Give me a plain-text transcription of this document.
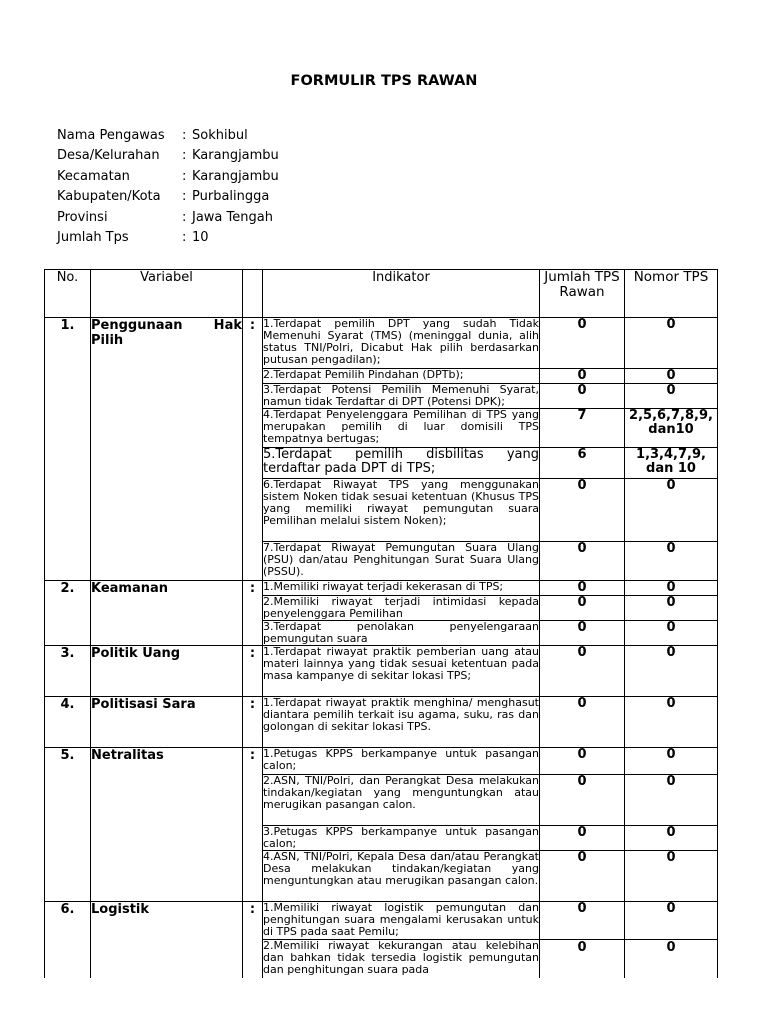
FORMULIR TPS RAWAN
Nama Pengawas : Sokhibul
Desa/Kelurahan : Karangjambu
Kecamatan	: Karangjambu
Kabupaten/Kota : Purbalingga
Provinsi	: Jawa Tengah
Jumlah Tps	: 10
No.	Variabel		Indikator	Jumlah TPS Rawan	Nomor TPS
1.	Penggunaan Hak Pilih	:	1.Terdapat pemilih DPT yang sudah Tidak Memenuhi Syarat (TMS) (meninggal dunia, alih status TNI/Polri, Dicabut Hak pilih berdasarkan putusan pengadilan);	0	0
			2.Terdapat Pemilih Pindahan (DPTb);	0	0
			3.Terdapat Potensi Pemilih Memenuhi Syarat, namun tidak Terdaftar di DPT (Potensi DPK);	0	0
			4.Terdapat Penyelenggara Pemilihan di TPS yang merupakan pemilih di luar domisili TPS tempatnya bertugas;	7	2,5,6,7,8,9, dan10
			5.Terdapat pemilih disbilitas yang terdaftar pada DPT di TPS;	6	1,3,4,7,9, dan 10
			6.Terdapat Riwayat TPS yang menggunakan sistem Noken tidak sesuai ketentuan (Khusus TPS yang memiliki riwayat pemungutan suara Pemilihan melalui sistem Noken);	0	0
			7.Terdapat Riwayat Pemungutan Suara Ulang (PSU) dan/atau Penghitungan Surat Suara Ulang (PSSU).	0	0
2.	Keamanan	:	1.Memiliki riwayat terjadi kekerasan di TPS;	0	0
			2.Memiliki riwayat terjadi intimidasi kepada penyelenggara Pemilihan	0	0
			3.Terdapat penolakan penyelengaraan pemungutan suara	0	0
3.	Politik Uang	:	1.Terdapat riwayat praktik pemberian uang atau materi lainnya yang tidak sesuai ketentuan pada masa kampanye di sekitar lokasi TPS;	0	0
4.	Politisasi Sara	:	1.Terdapat riwayat praktik menghina/ menghasut diantara pemilih terkait isu agama, suku, ras dan golongan di sekitar lokasi TPS.	0	0
5.	Netralitas	:	1.Petugas KPPS berkampanye untuk pasangan calon;	0	0
			2.ASN, TNI/Polri, dan Perangkat Desa melakukan tindakan/kegiatan yang menguntungkan atau merugikan pasangan calon.	0	0
			3.Petugas KPPS berkampanye untuk pasangan calon;	0	0
			4.ASN, TNI/Polri, Kepala Desa dan/atau Perangkat Desa melakukan tindakan/kegiatan yang menguntungkan atau merugikan pasangan calon.	0	0
6.	Logistik	:	1.Memiliki riwayat logistik pemungutan dan penghitungan suara mengalami kerusakan untuk di TPS pada saat Pemilu;	0	0

			2.Memiliki riwayat kekurangan atau kelebihan dan bahkan tidak tersedia logistik pemungutan dan penghitungan suara pada	0	0
